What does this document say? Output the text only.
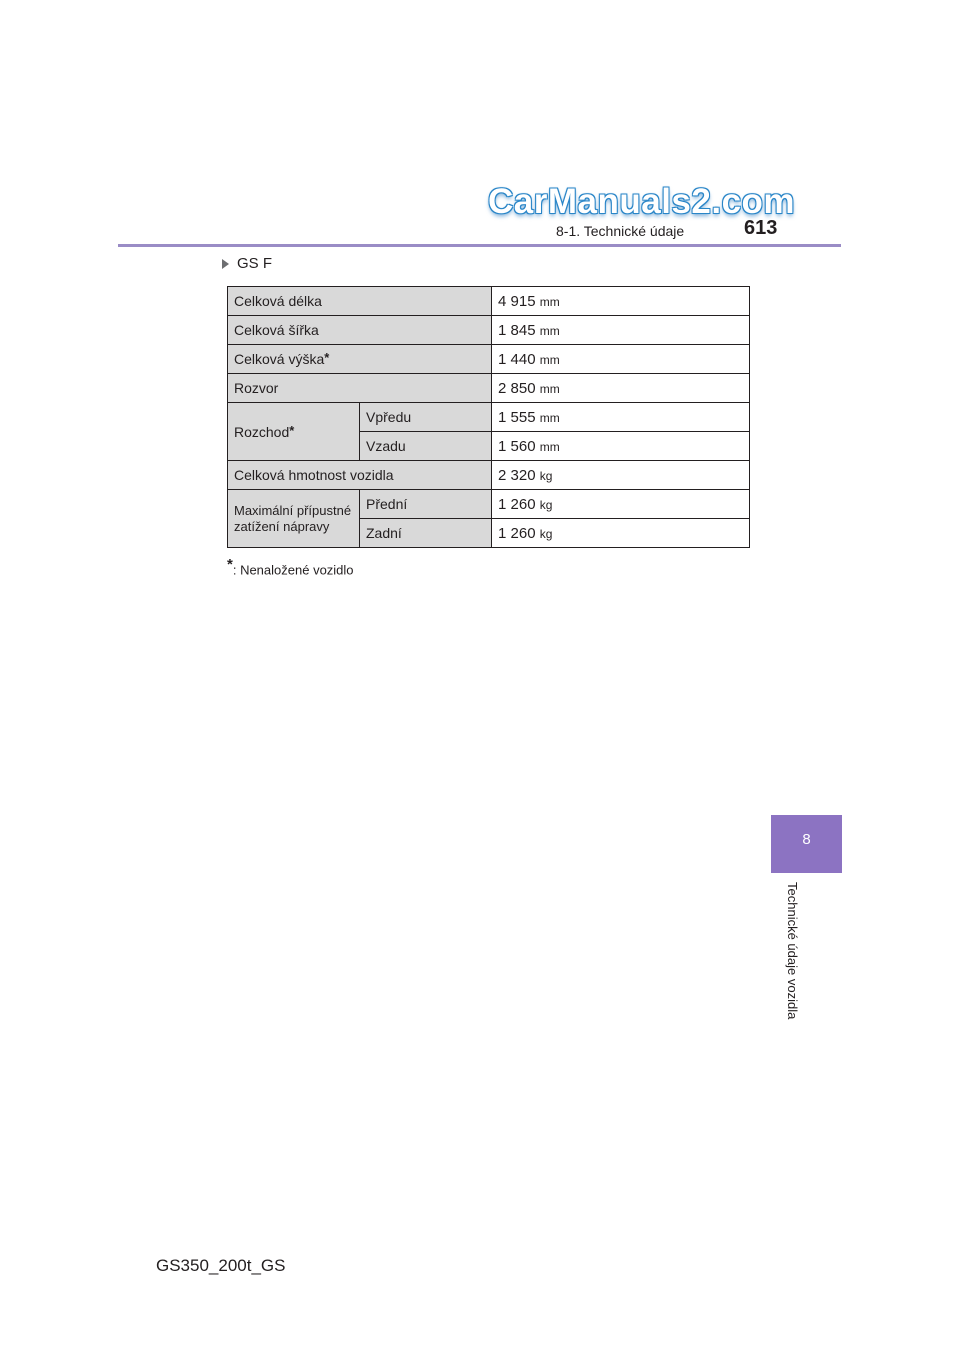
CarManuals2.com
8-1. Technické údaje	613
GS F
Celková délka		4 915 mm
Celková šířka		1 845 mm
Celková výška*		1 440 mm
Rozvor		2 850 mm
Rozchod*	Vpředu	1 555 mm
	Vzadu	1 560 mm
Celková hmotnost vozidla		2 320 kg
Maximální přípustné zatížení nápravy	Přední	1 260 kg
	Zadní	1 260 kg
*: Nenaložené vozidlo
8
Technické údaje vozidla
GS350_200t_GS
